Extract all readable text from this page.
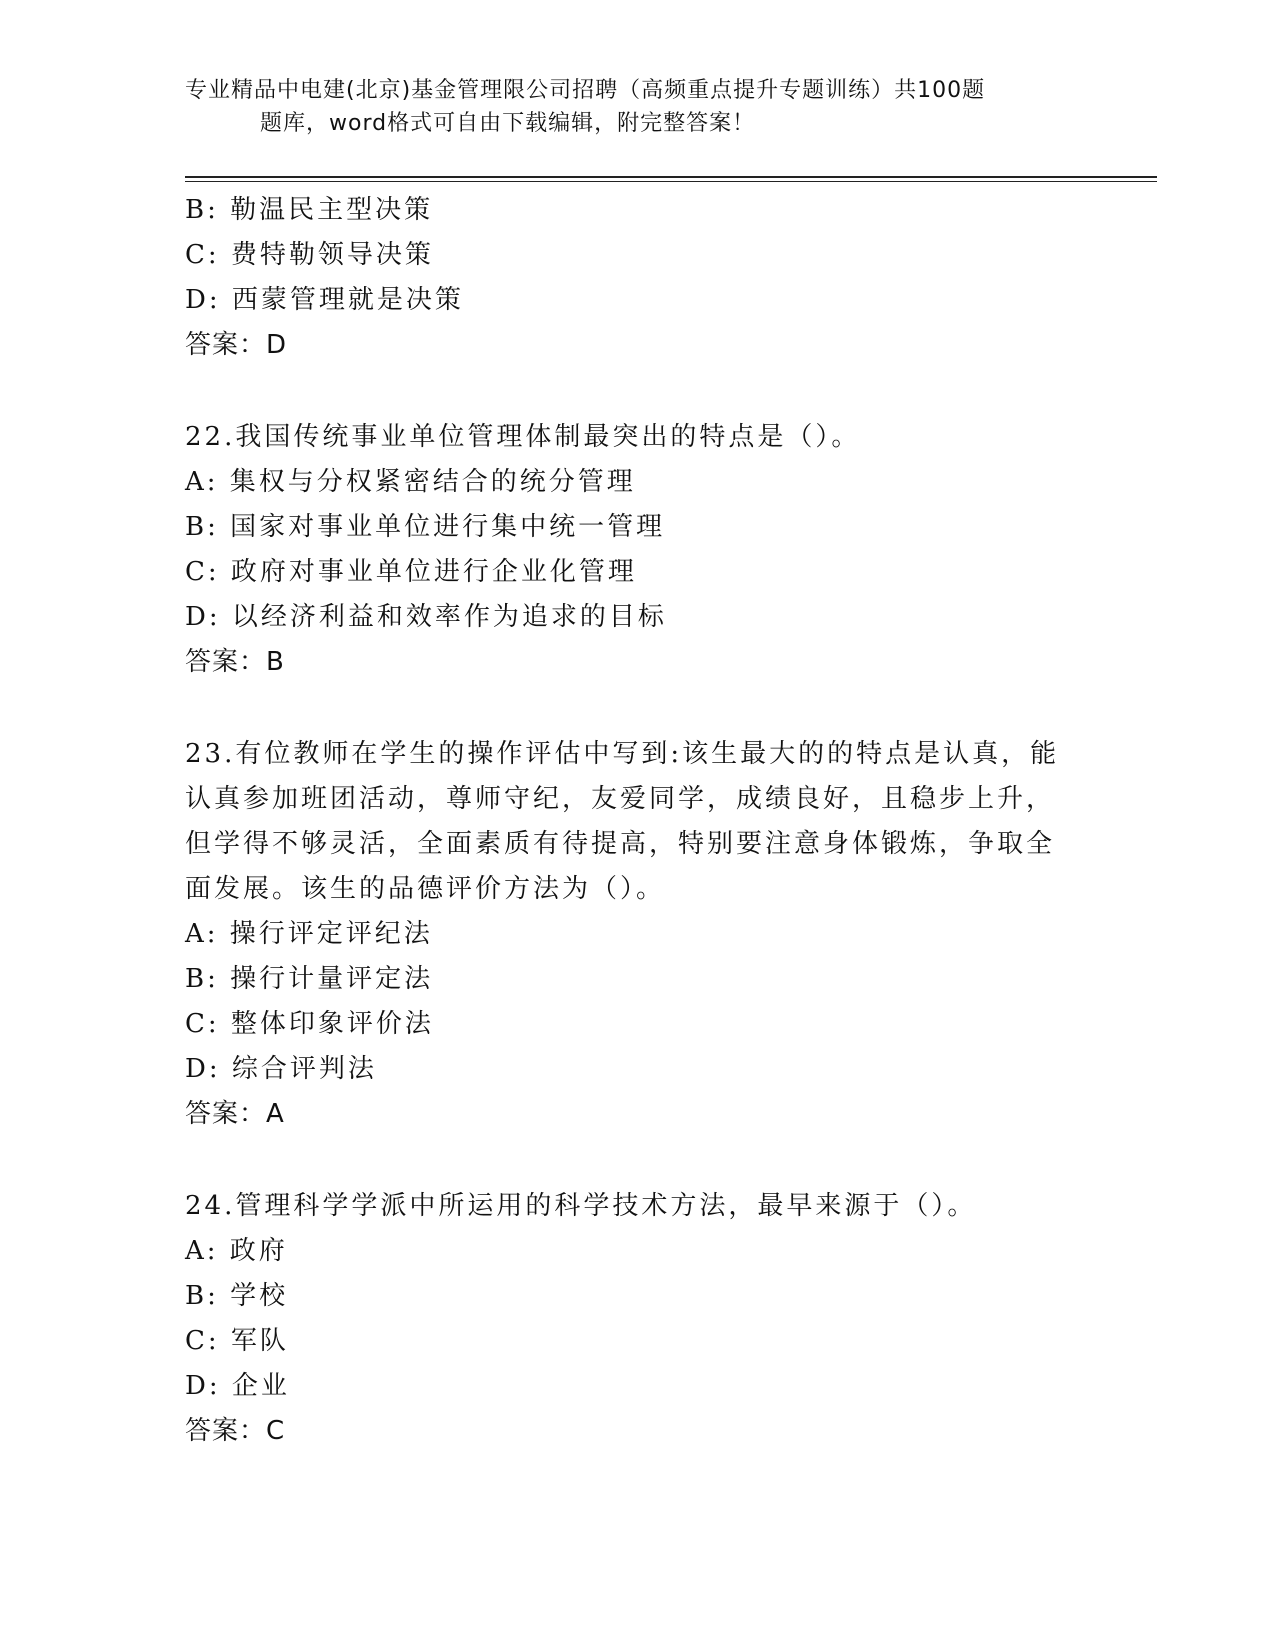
专业精品中电建(北京)基金管理限公司招聘（高频重点提升专题训练）共100题
题库，word格式可自由下载编辑，附完整答案！
B: 勒温民主型决策
C: 费特勒领导决策
D: 西蒙管理就是决策
答案：D
22.我国传统事业单位管理体制最突出的特点是（）。
A: 集权与分权紧密结合的统分管理
B: 国家对事业单位进行集中统一管理
C: 政府对事业单位进行企业化管理
D: 以经济利益和效率作为追求的目标
答案：B
23.有位教师在学生的操作评估中写到:该生最大的的特点是认真，能
认真参加班团活动，尊师守纪，友爱同学，成绩良好，且稳步上升，
但学得不够灵活，全面素质有待提高，特别要注意身体锻炼，争取全
面发展。该生的品德评价方法为（）。
A: 操行评定评纪法
B: 操行计量评定法
C: 整体印象评价法
D: 综合评判法
答案：A
24.管理科学学派中所运用的科学技术方法，最早来源于（）。
A: 政府
B: 学校
C: 军队
D: 企业
答案：C
